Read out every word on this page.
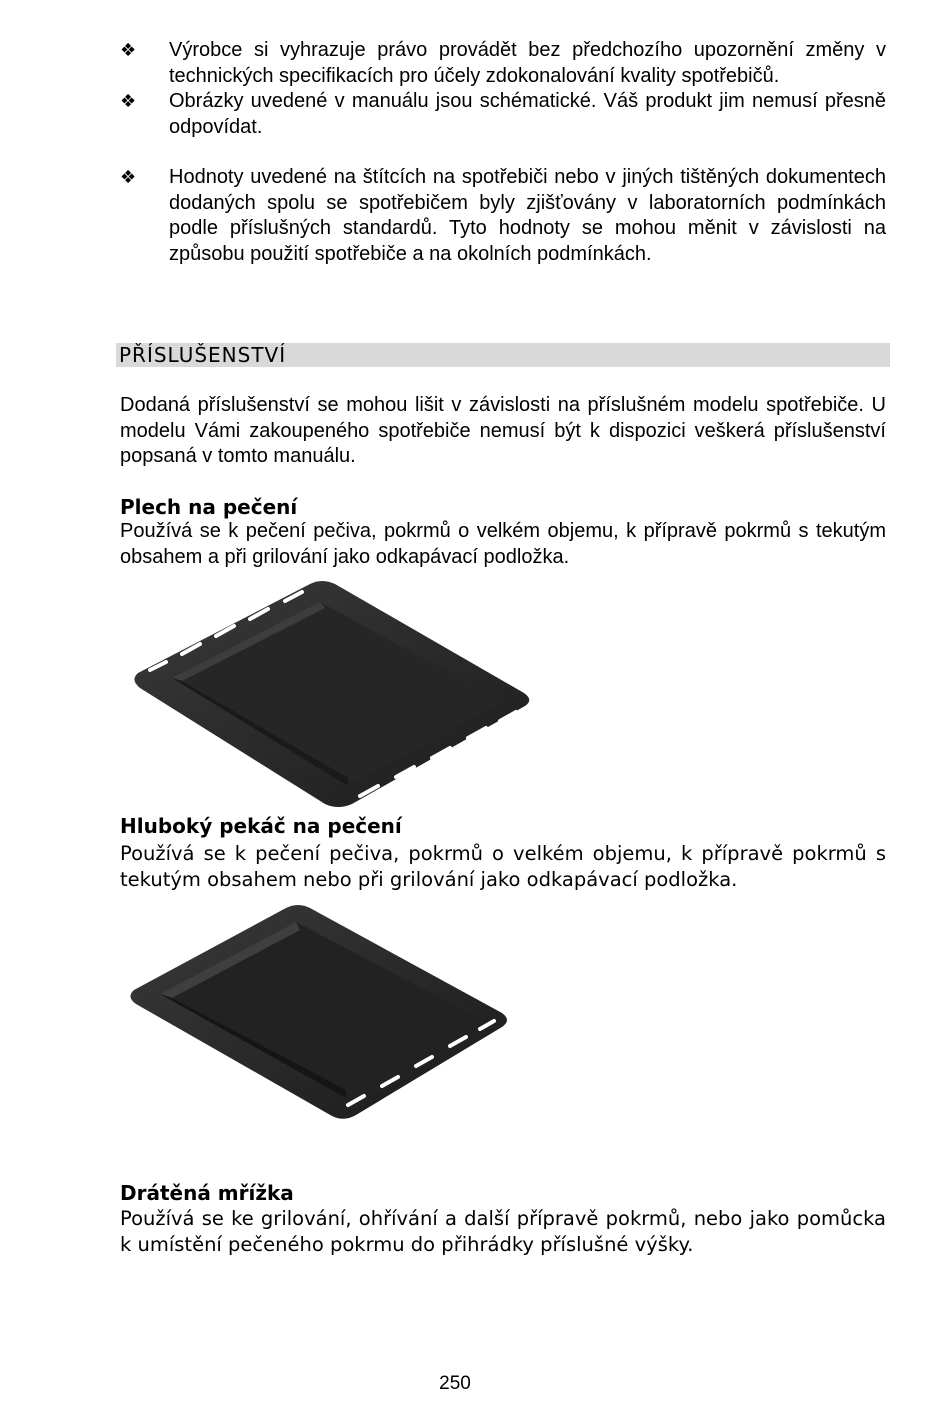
❖ Výrobce si vyhrazuje právo provádět bez předchozího upozornění změny v technických specifikacích pro účely zdokonalování kvality spotřebičů.
❖ Obrázky uvedené v manuálu jsou schématické. Váš produkt jim nemusí přesně odpovídat.
❖ Hodnoty uvedené na štítcích na spotřebiči nebo v jiných tištěných dokumentech dodaných spolu se spotřebičem byly zjišťovány v laboratorních podmínkách podle příslušných standardů. Tyto hodnoty se mohou měnit v závislosti na způsobu použití spotřebiče a na okolních podmínkách.
PŘÍSLUŠENSTVÍ

Dodaná příslušenství se mohou lišit v závislosti na příslušném modelu spotřebiče. U modelu Vámi zakoupeného spotřebiče nemusí být k dispozici veškerá příslušenství popsaná v tomto manuálu.

Plech na pečení

Používá se k pečení pečiva, pokrmů o velkém objemu, k přípravě pokrmů s tekutým obsahem a při grilování jako odkapávací podložka.

Hluboký pekáč na pečení

Používá se k pečení pečiva, pokrmů o velkém objemu, k přípravě pokrmů s tekutým obsahem nebo při grilování jako odkapávací podložka.

Drátěná mřížka

Používá se ke grilování, ohřívání a další přípravě pokrmů, nebo jako pomůcka k umístění pečeného pokrmu do přihrádky příslušné výšky.

250
